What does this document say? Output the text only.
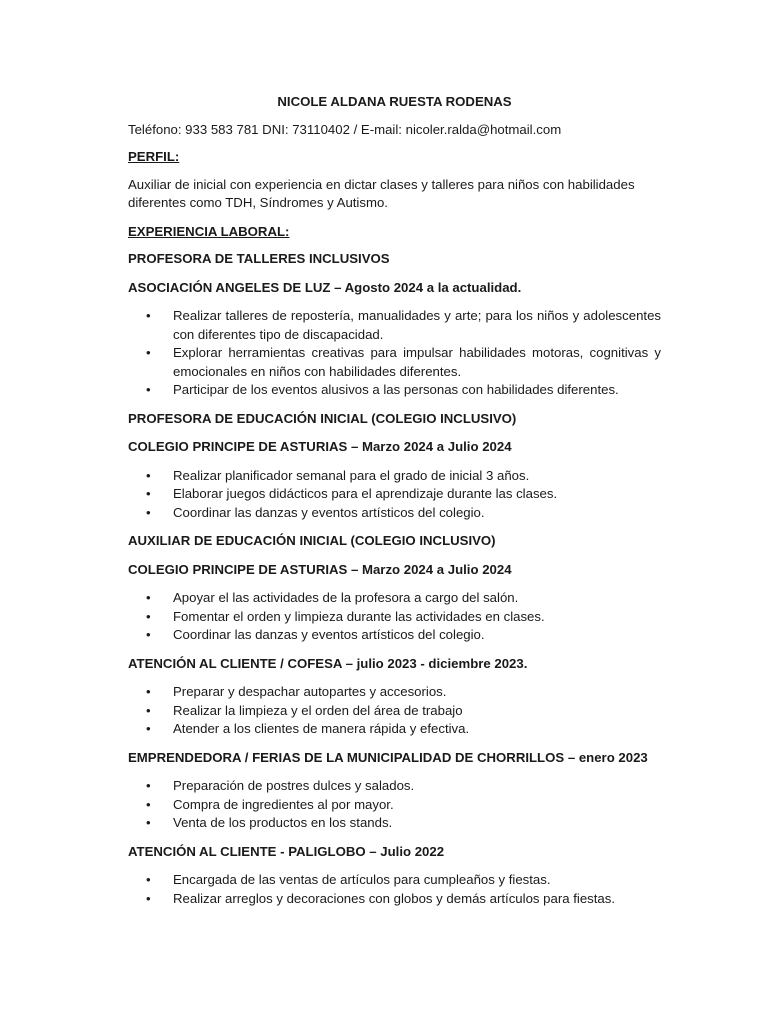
NICOLE ALDANA RUESTA RODENAS

Teléfono: 933 583 781 DNI: 73110402 / E-mail: nicoler.ralda@hotmail.com

PERFIL:

Auxiliar de inicial con experiencia en dictar clases y talleres para niños con habilidades diferentes como TDH, Síndromes y Autismo.

EXPERIENCIA LABORAL:

PROFESORA DE TALLERES INCLUSIVOS

ASOCIACIÓN ANGELES DE LUZ – Agosto 2024 a la actualidad.

• Realizar talleres de repostería, manualidades y arte; para los niños y adolescentes con diferentes tipo de discapacidad.
• Explorar herramientas creativas para impulsar habilidades motoras, cognitivas y emocionales en niños con habilidades diferentes.
• Participar de los eventos alusivos a las personas con habilidades diferentes.

PROFESORA DE EDUCACIÓN INICIAL (COLEGIO INCLUSIVO)

COLEGIO PRINCIPE DE ASTURIAS – Marzo 2024 a Julio 2024

• Realizar planificador semanal para el grado de inicial 3 años.
• Elaborar juegos didácticos para el aprendizaje durante las clases.
• Coordinar las danzas y eventos artísticos del colegio.

AUXILIAR DE EDUCACIÓN INICIAL (COLEGIO INCLUSIVO)

COLEGIO PRINCIPE DE ASTURIAS – Marzo 2024 a Julio 2024

• Apoyar el las actividades de la profesora a cargo del salón.
• Fomentar el orden y limpieza durante las actividades en clases.
• Coordinar las danzas y eventos artísticos del colegio.

ATENCIÓN AL CLIENTE / COFESA – julio 2023 - diciembre 2023.

• Preparar y despachar autopartes y accesorios.
• Realizar la limpieza y el orden del área de trabajo
• Atender a los clientes de manera rápida y efectiva.

EMPRENDEDORA / FERIAS DE LA MUNICIPALIDAD DE CHORRILLOS – enero 2023

• Preparación de postres dulces y salados.
• Compra de ingredientes al por mayor.
• Venta de los productos en los stands.

ATENCIÓN AL CLIENTE - PALIGLOBO – Julio 2022

• Encargada de las ventas de artículos para cumpleaños y fiestas.
• Realizar arreglos y decoraciones con globos y demás artículos para fiestas.
